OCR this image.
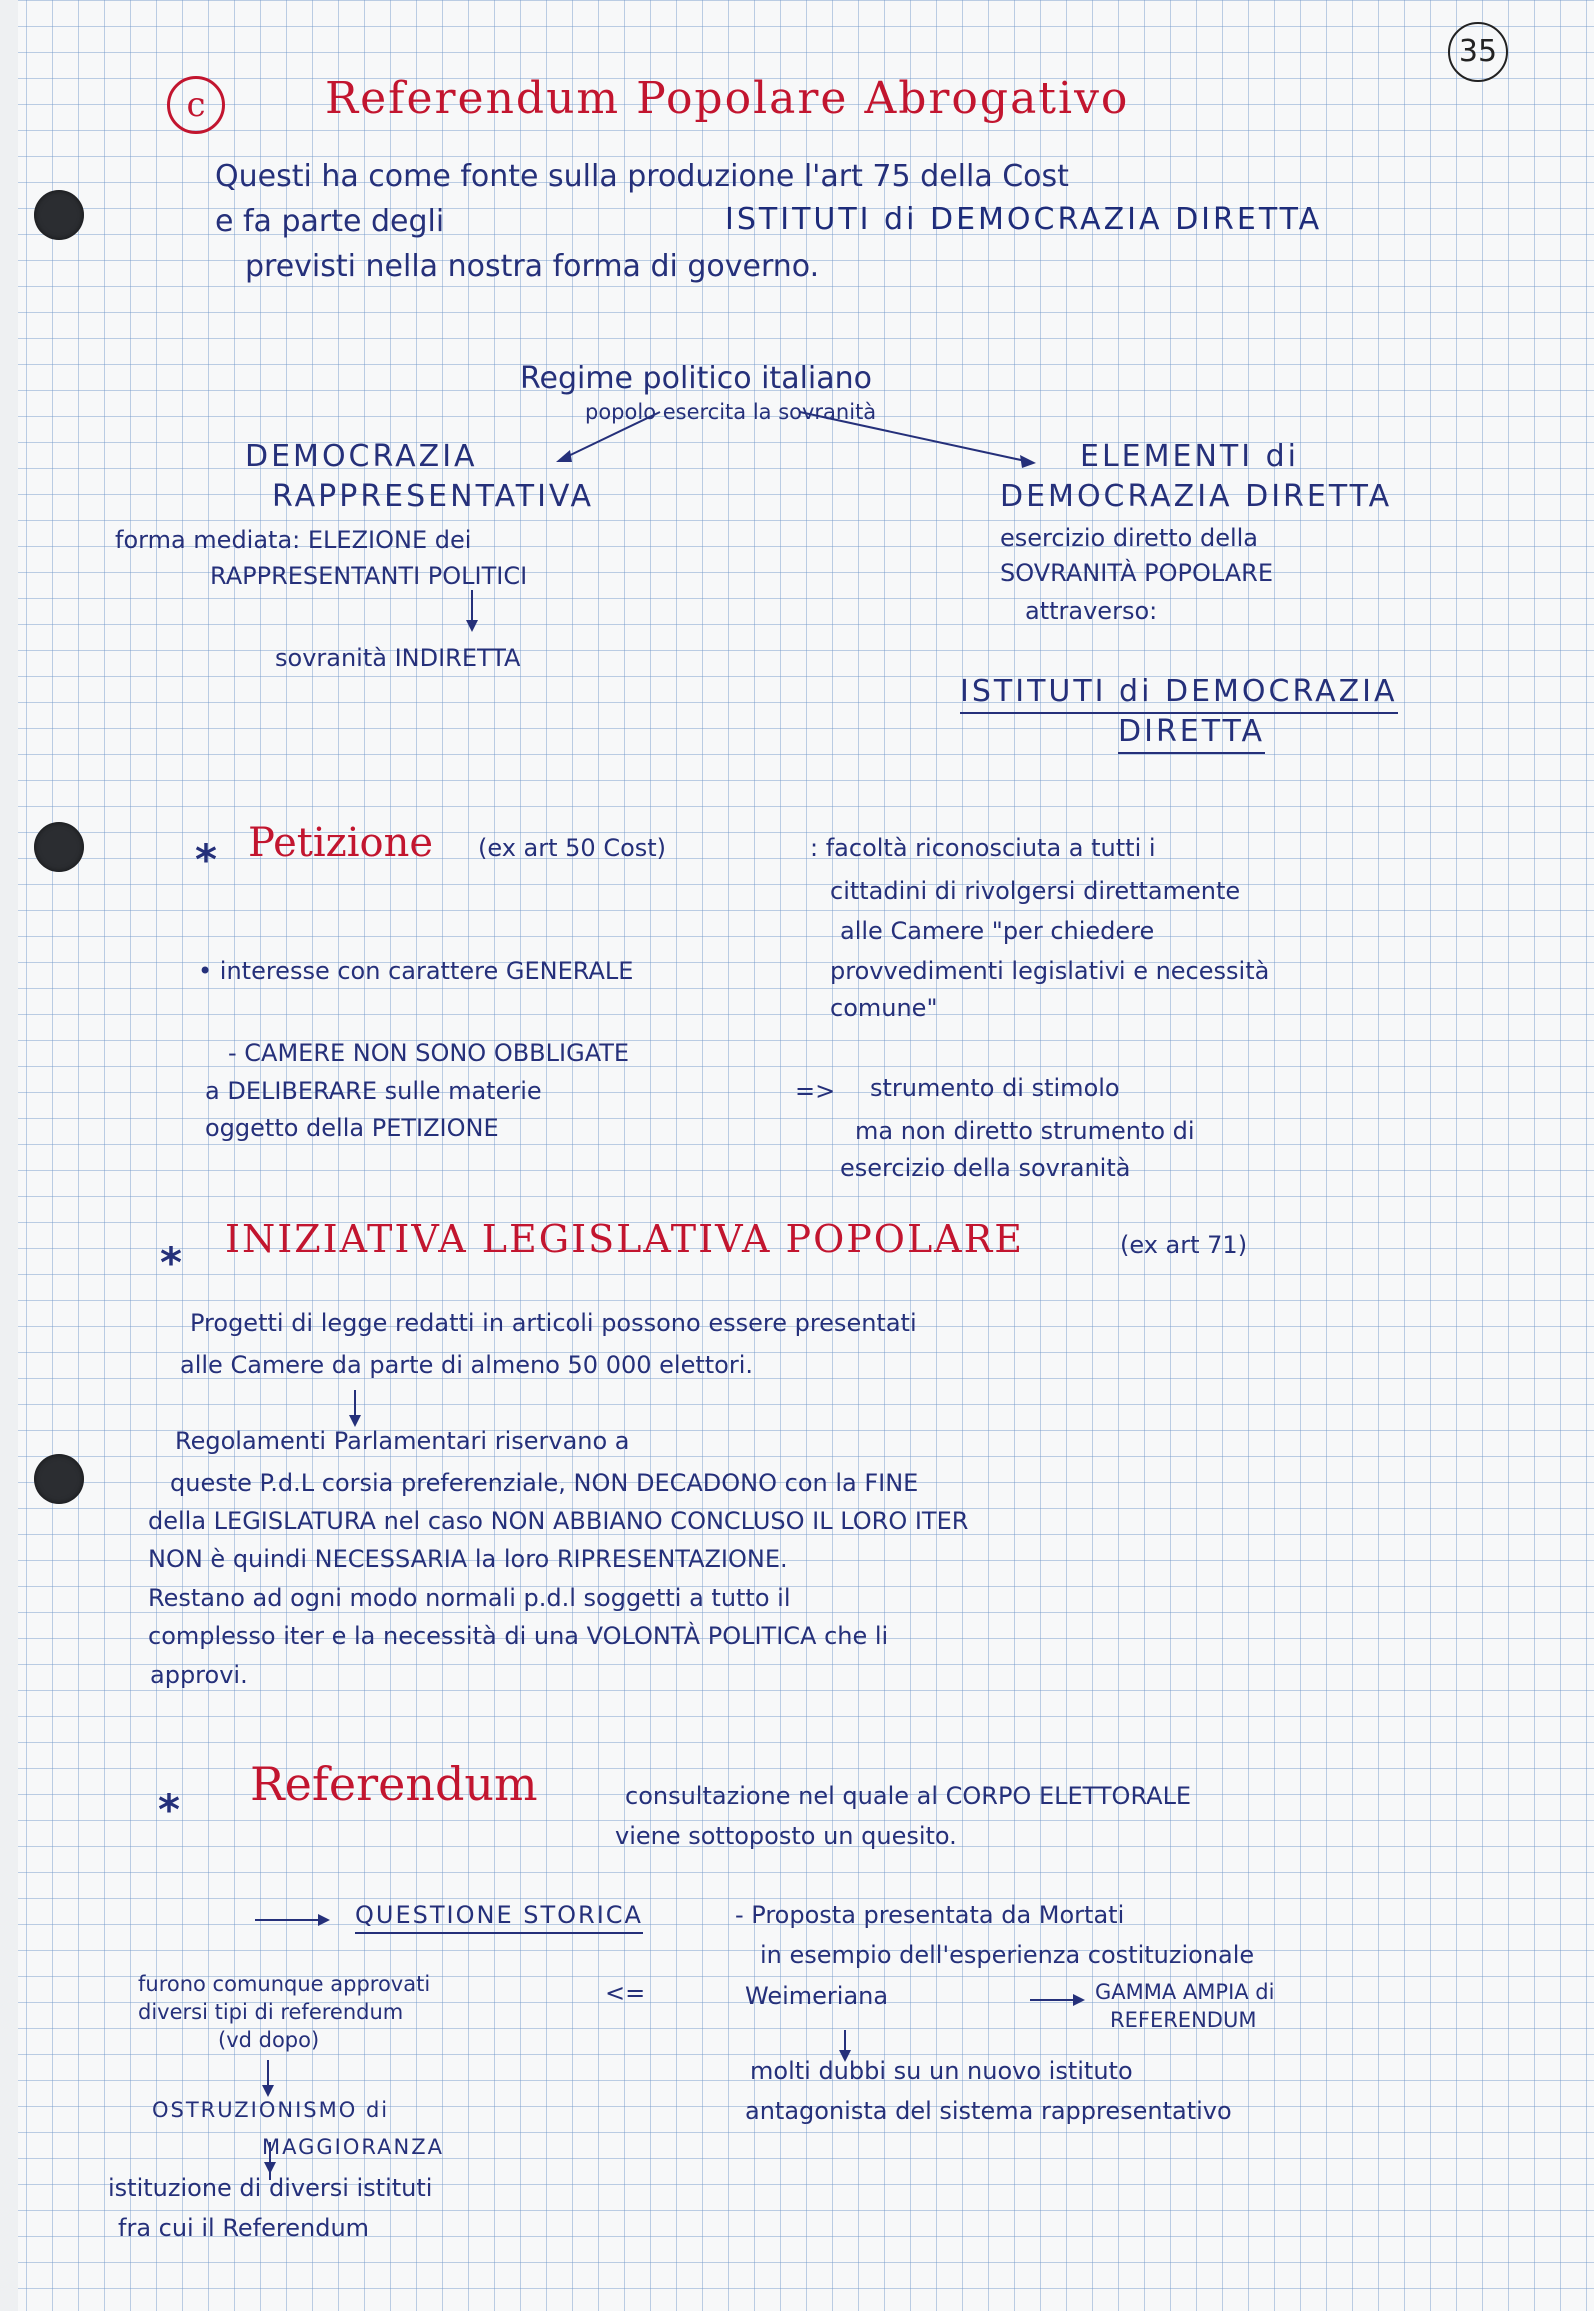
35
c	Referendum Popolare Abrogativo
Questi ha come fonte sulla produzione l'art 75 della Cost
e fa parte degli	ISTITUTI di DEMOCRAZIA DIRETTA
previsti nella nostra forma di governo.
Regime politico italiano
popolo esercita la sovranità
DEMOCRAZIA
RAPPRESENTATIVA
forma mediata: ELEZIONE dei
RAPPRESENTANTI POLITICI
sovranità INDIRETTA
ELEMENTI di
DEMOCRAZIA DIRETTA
esercizio diretto della
SOVRANITÀ POPOLARE
attraverso:
ISTITUTI di DEMOCRAZIA
DIRETTA
* Petizione (ex art 50 Cost)	: facoltà riconosciuta a tutti i
cittadini di rivolgersi direttamente
alle Camere "per chiedere
provvedimenti legislativi e necessità
comune"
• interesse con carattere GENERALE
- CAMERE NON SONO OBBLIGATE
a DELIBERARE sulle materie
oggetto della PETIZIONE
=> strumento di stimolo
ma non diretto strumento di
esercizio della sovranità
* INIZIATIVA LEGISLATIVA POPOLARE	(ex art 71)
Progetti di legge redatti in articoli possono essere presentati
alle Camere da parte di almeno 50 000 elettori.
Regolamenti Parlamentari riservano a
queste P.d.L corsia preferenziale, NON DECADONO con la FINE
della LEGISLATURA nel caso NON ABBIANO CONCLUSO IL LORO ITER
NON è quindi NECESSARIA la loro RIPRESENTAZIONE.
Restano ad ogni modo normali p.d.l soggetti a tutto il
complesso iter e la necessità di una VOLONTÀ POLITICA che li
approvi.
* Referendum	consultazione nel quale al CORPO ELETTORALE
viene sottoposto un quesito.
QUESTIONE STORICA	- Proposta presentata da Mortati
in esempio dell'esperienza costituzionale
Weimeriana	GAMMA AMPIA di
REFERENDUM
molti dubbi su un nuovo istituto
antagonista del sistema rappresentativo
furono comunque approvati
diversi tipi di referendum
(vd dopo)
<=
OSTRUZIONISMO di
MAGGIORANZA
istituzione di diversi istituti
fra cui il Referendum
